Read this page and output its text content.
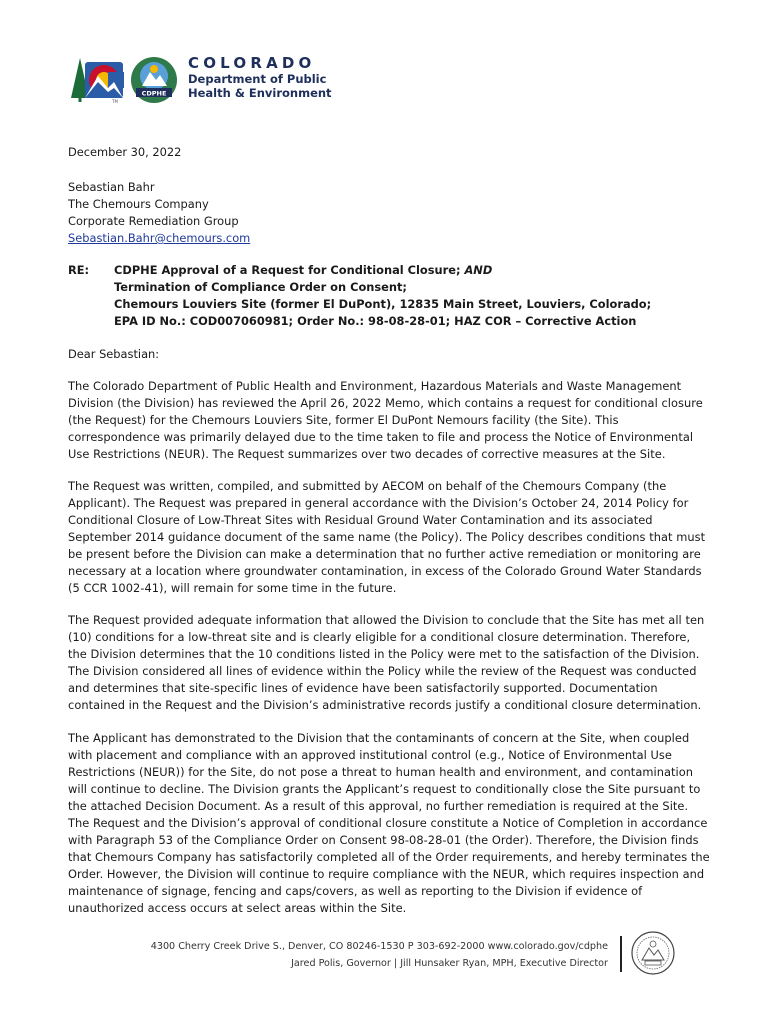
TM
CDPHE
COLORADO
Department of Public
Health & Environment
December 30, 2022
Sebastian Bahr
The Chemours Company
Corporate Remediation Group
Sebastian.Bahr@chemours.com
RE: CDPHE Approval of a Request for Conditional Closure; AND
Termination of Compliance Order on Consent;
Chemours Louviers Site (former El DuPont), 12835 Main Street, Louviers, Colorado;
EPA ID No.: COD007060981; Order No.: 98-08-28-01; HAZ COR – Corrective Action
Dear Sebastian:
The Colorado Department of Public Health and Environment, Hazardous Materials and Waste Management
Division (the Division) has reviewed the April 26, 2022 Memo, which contains a request for conditional closure
(the Request) for the Chemours Louviers Site, former El DuPont Nemours facility (the Site). This
correspondence was primarily delayed due to the time taken to file and process the Notice of Environmental
Use Restrictions (NEUR). The Request summarizes over two decades of corrective measures at the Site.
The Request was written, compiled, and submitted by AECOM on behalf of the Chemours Company (the
Applicant). The Request was prepared in general accordance with the Division’s October 24, 2014 Policy for
Conditional Closure of Low-Threat Sites with Residual Ground Water Contamination and its associated
September 2014 guidance document of the same name (the Policy). The Policy describes conditions that must
be present before the Division can make a determination that no further active remediation or monitoring are
necessary at a location where groundwater contamination, in excess of the Colorado Ground Water Standards
(5 CCR 1002-41), will remain for some time in the future.
The Request provided adequate information that allowed the Division to conclude that the Site has met all ten
(10) conditions for a low-threat site and is clearly eligible for a conditional closure determination. Therefore,
the Division determines that the 10 conditions listed in the Policy were met to the satisfaction of the Division.
The Division considered all lines of evidence within the Policy while the review of the Request was conducted
and determines that site-specific lines of evidence have been satisfactorily supported. Documentation
contained in the Request and the Division’s administrative records justify a conditional closure determination.
The Applicant has demonstrated to the Division that the contaminants of concern at the Site, when coupled
with placement and compliance with an approved institutional control (e.g., Notice of Environmental Use
Restrictions (NEUR)) for the Site, do not pose a threat to human health and environment, and contamination
will continue to decline. The Division grants the Applicant’s request to conditionally close the Site pursuant to
the attached Decision Document. As a result of this approval, no further remediation is required at the Site.
The Request and the Division’s approval of conditional closure constitute a Notice of Completion in accordance
with Paragraph 53 of the Compliance Order on Consent 98-08-28-01 (the Order). Therefore, the Division finds
that Chemours Company has satisfactorily completed all of the Order requirements, and hereby terminates the
Order. However, the Division will continue to require compliance with the NEUR, which requires inspection and
maintenance of signage, fencing and caps/covers, as well as reporting to the Division if evidence of
unauthorized access occurs at select areas within the Site.
4300 Cherry Creek Drive S., Denver, CO 80246-1530 P 303-692-2000 www.colorado.gov/cdphe
Jared Polis, Governor | Jill Hunsaker Ryan, MPH, Executive Director
